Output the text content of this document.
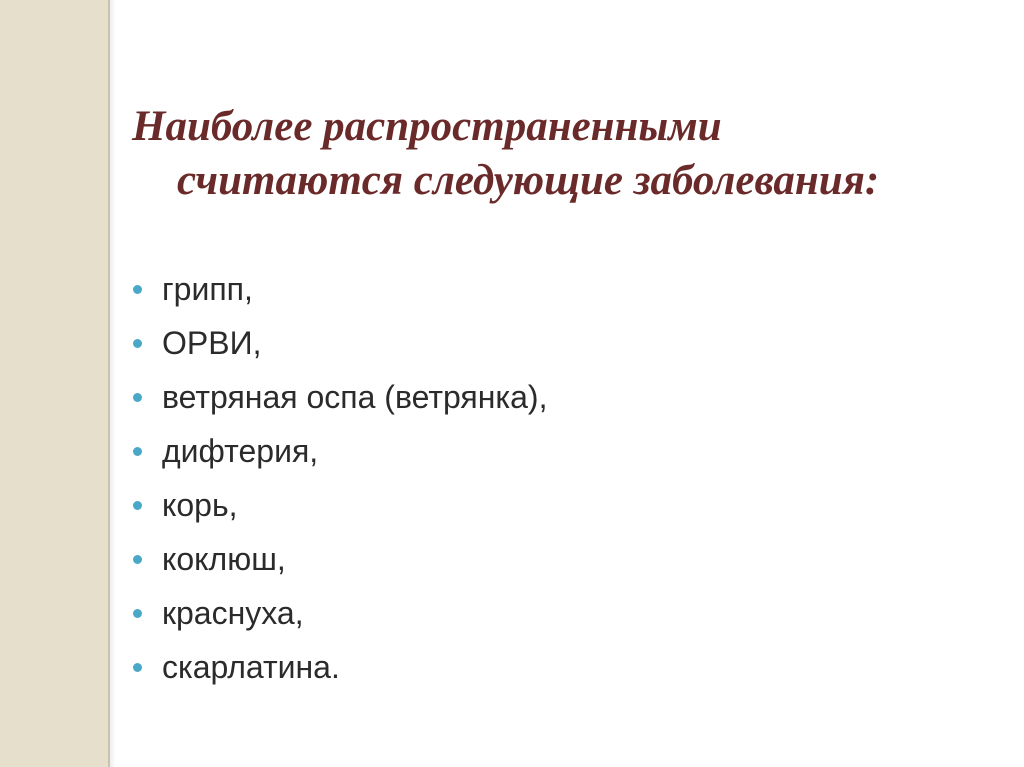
Наиболее распространенными
считаются следующие заболевания:
грипп,
ОРВИ,
ветряная оспа (ветрянка),
дифтерия,
корь,
коклюш,
краснуха,
скарлатина.
